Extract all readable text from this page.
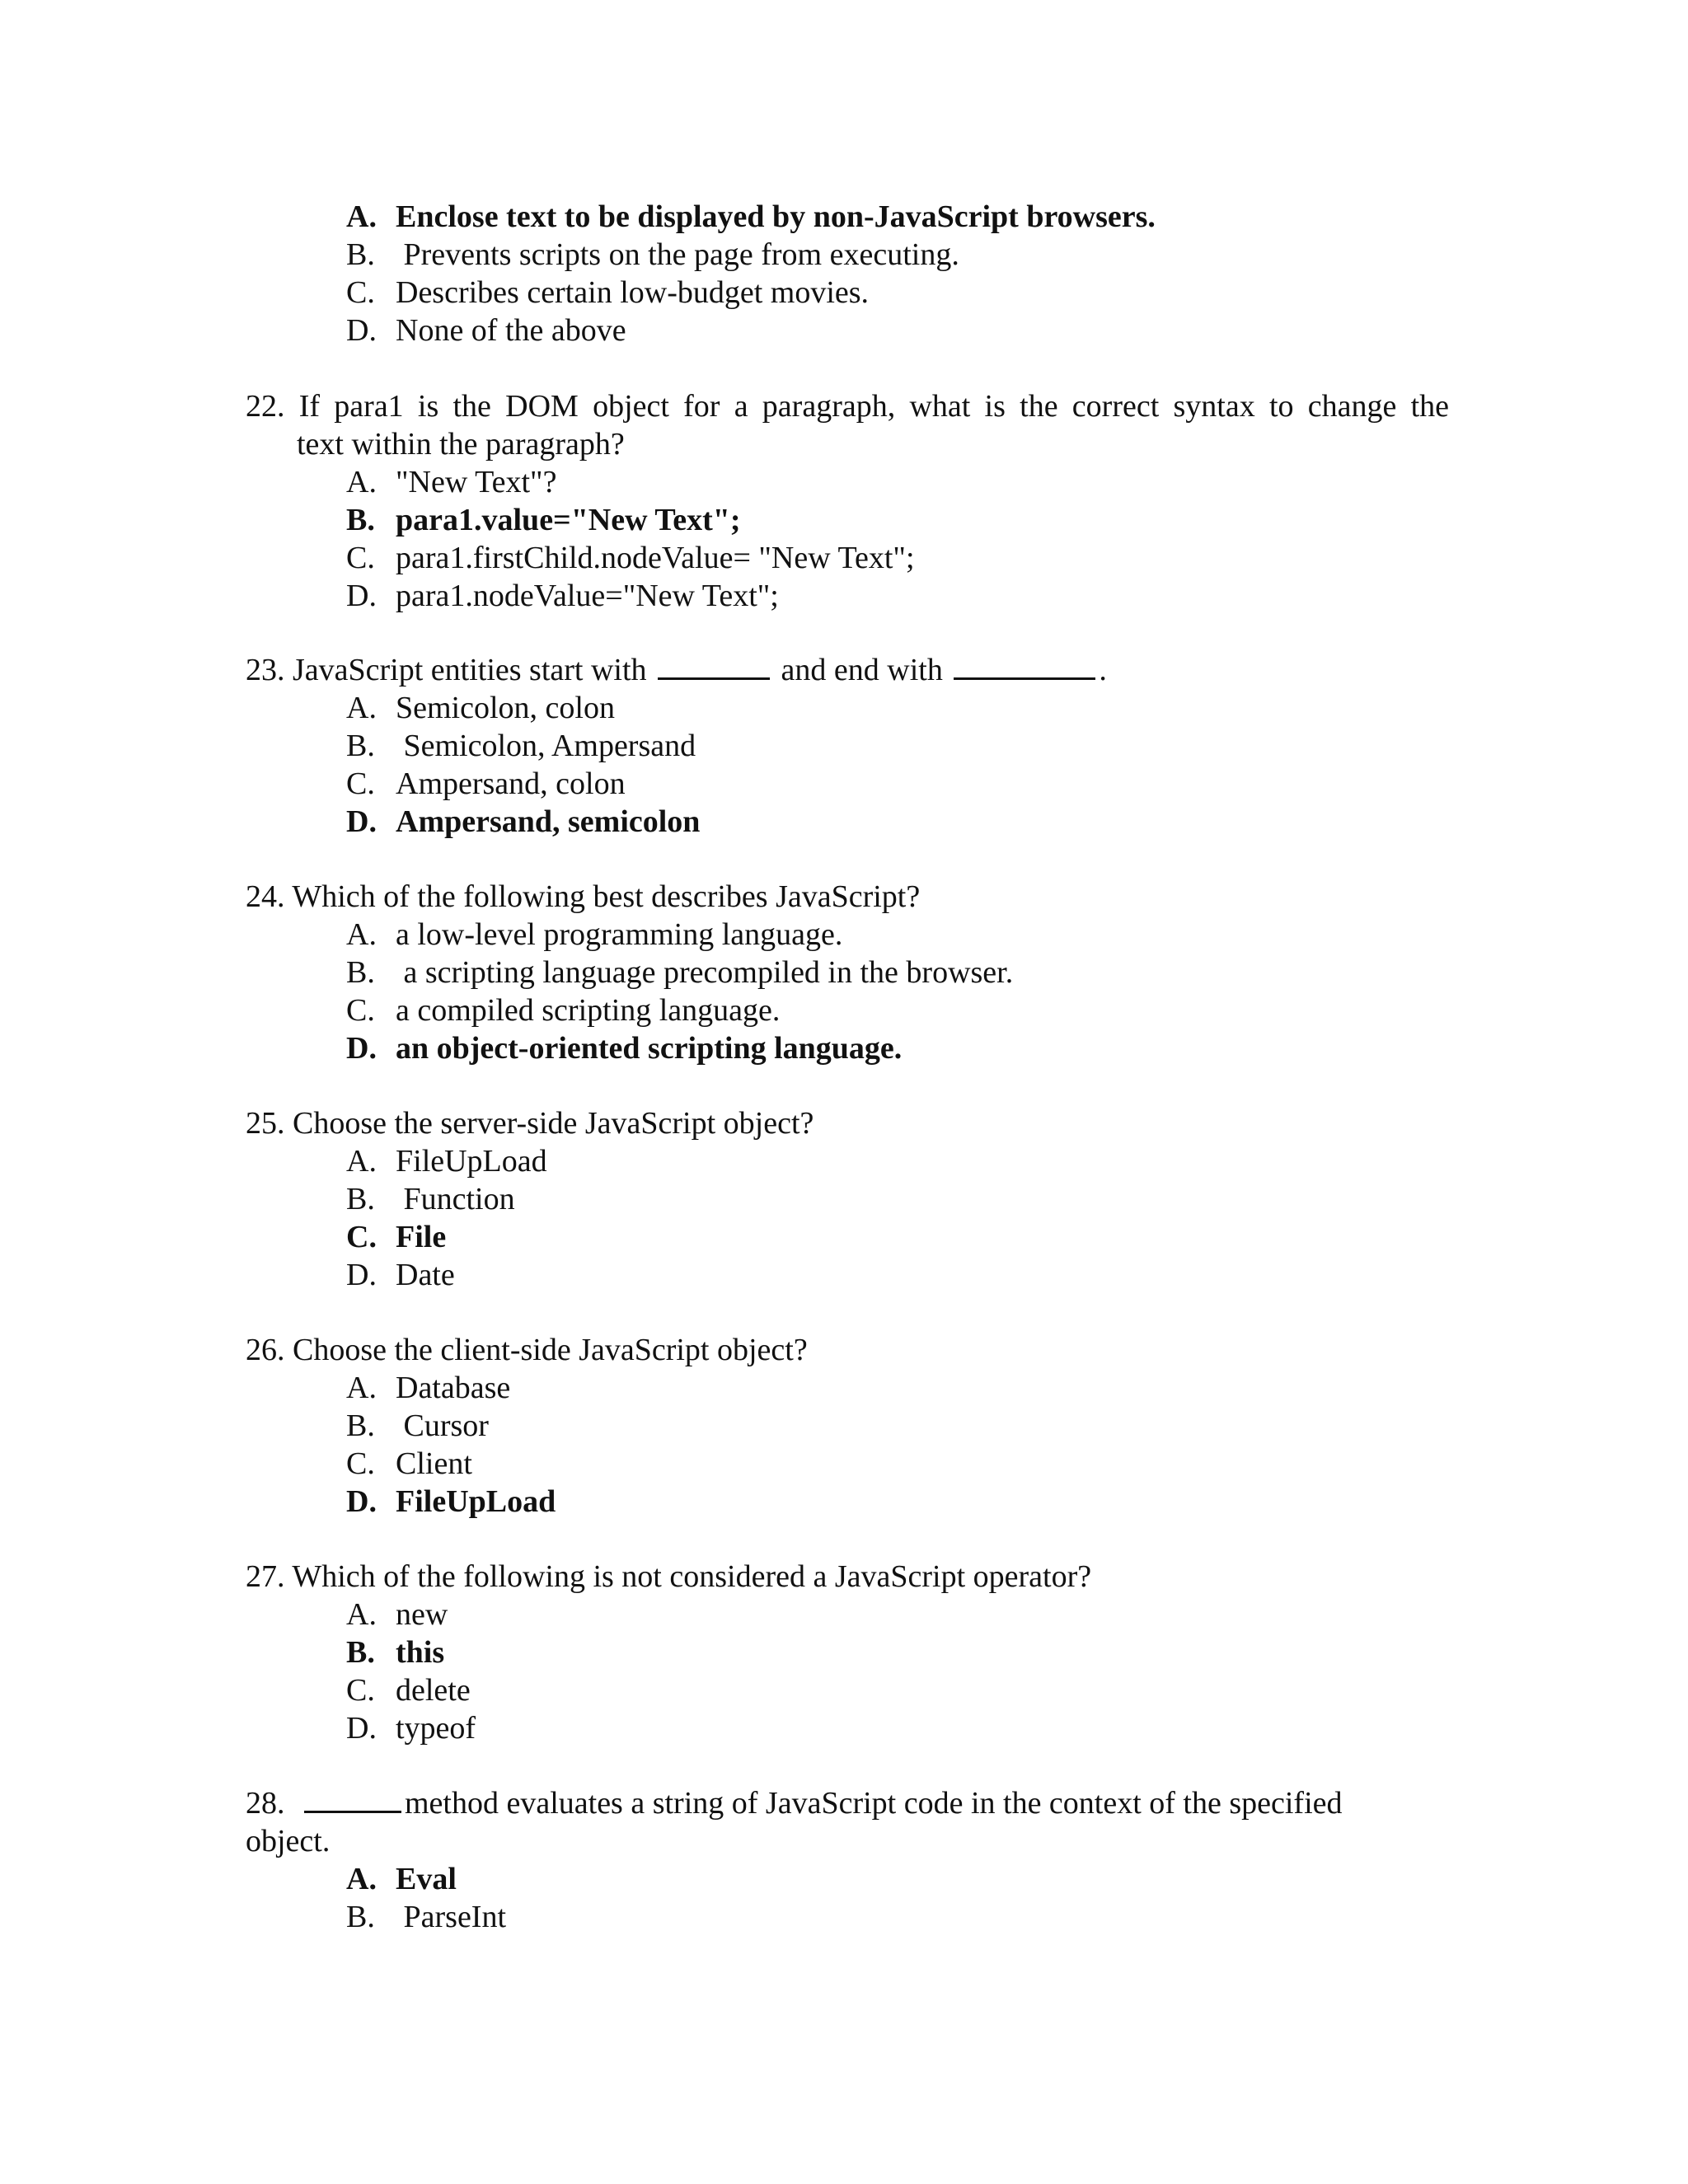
A. Enclose text to be displayed by non-JavaScript browsers.
B. Prevents scripts on the page from executing.
C. Describes certain low-budget movies.
D. None of the above
22. If para1 is the DOM object for a paragraph, what is the correct syntax to change the
text within the paragraph?
A. "New Text"?
B. para1.value="New Text";
C. para1.firstChild.nodeValue= "New Text";
D. para1.nodeValue="New Text";
23. JavaScript entities start with	and end with	.
A. Semicolon, colon
B. Semicolon, Ampersand
C. Ampersand, colon
D. Ampersand, semicolon
24. Which of the following best describes JavaScript?
A. a low-level programming language.
B. a scripting language precompiled in the browser.
C. a compiled scripting language.
D. an object-oriented scripting language.
25. Choose the server-side JavaScript object?
A. FileUpLoad
B. Function
C. File
D. Date
26. Choose the client-side JavaScript object?
A. Database
B. Cursor
C. Client
D. FileUpLoad
27. Which of the following is not considered a JavaScript operator?
A. new
B. this
C. delete
D. typeof
28.	method evaluates a string of JavaScript code in the context of the specified
object.
A. Eval
B. ParseInt
